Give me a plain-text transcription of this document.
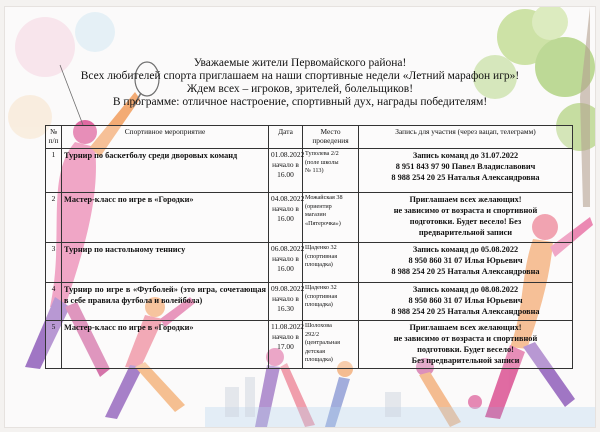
Уважаемые жители Первомайского района!
Всех любителей спорта приглашаем на наши спортивные недели «Летний марафон игр»!
Ждем всех – игроков, зрителей, болельщиков!
В программе: отличное настроение, спортивный дух, награды победителям!
№ п/п	Спортивное мероприятие	Дата	Место проведения	Запись для участия (через вацап, телеграмм)
1	Турнир по баскетболу среди дворовых команд	01.08.2022
начало в
16.00	Туполева 2/2
(поле школы
№ 113)	Запись команд до 31.07.2022
8 951 843 97 90 Павел Владиславович
8 988 254 20 25 Наталья Александровна

2	Мастер-класс по игре в «Городки»	04.08.2022
начало в
16.00	Можайская 38
(ориентир
магазин
«Пятерочка»)	Приглашаем всех желающих!
не зависимо от возраста и спортивной
подготовки. Будет весело! Без
предварительной записи

3	Турнир по настольному теннису	06.08.2022
начало в
16.00	Щаденко 32
(спортивная
площадка)	Запись команд до 05.08.2022
8 950 860 31 07 Илья Юрьевич
8 988 254 20 25 Наталья Александровна

4	Турнир по игре в «Футболей» (это игра, сочетающая в себе правила футбола и волейбола)	09.08.2022
начало в
16.30	Щаденко 32
(спортивная
площадка)	Запись команд до 08.08.2022
8 950 860 31 07 Илья Юрьевич
8 988 254 20 25 Наталья Александровна

5	Мастер-класс по игре в «Городки»	11.08.2022
начало в
17.00	Шолохова
292/2
(центральная
детская
площадка)	Приглашаем всех желающих!
не зависимо от возраста и спортивной
подготовки. Будет весело!
Без предварительной записи
